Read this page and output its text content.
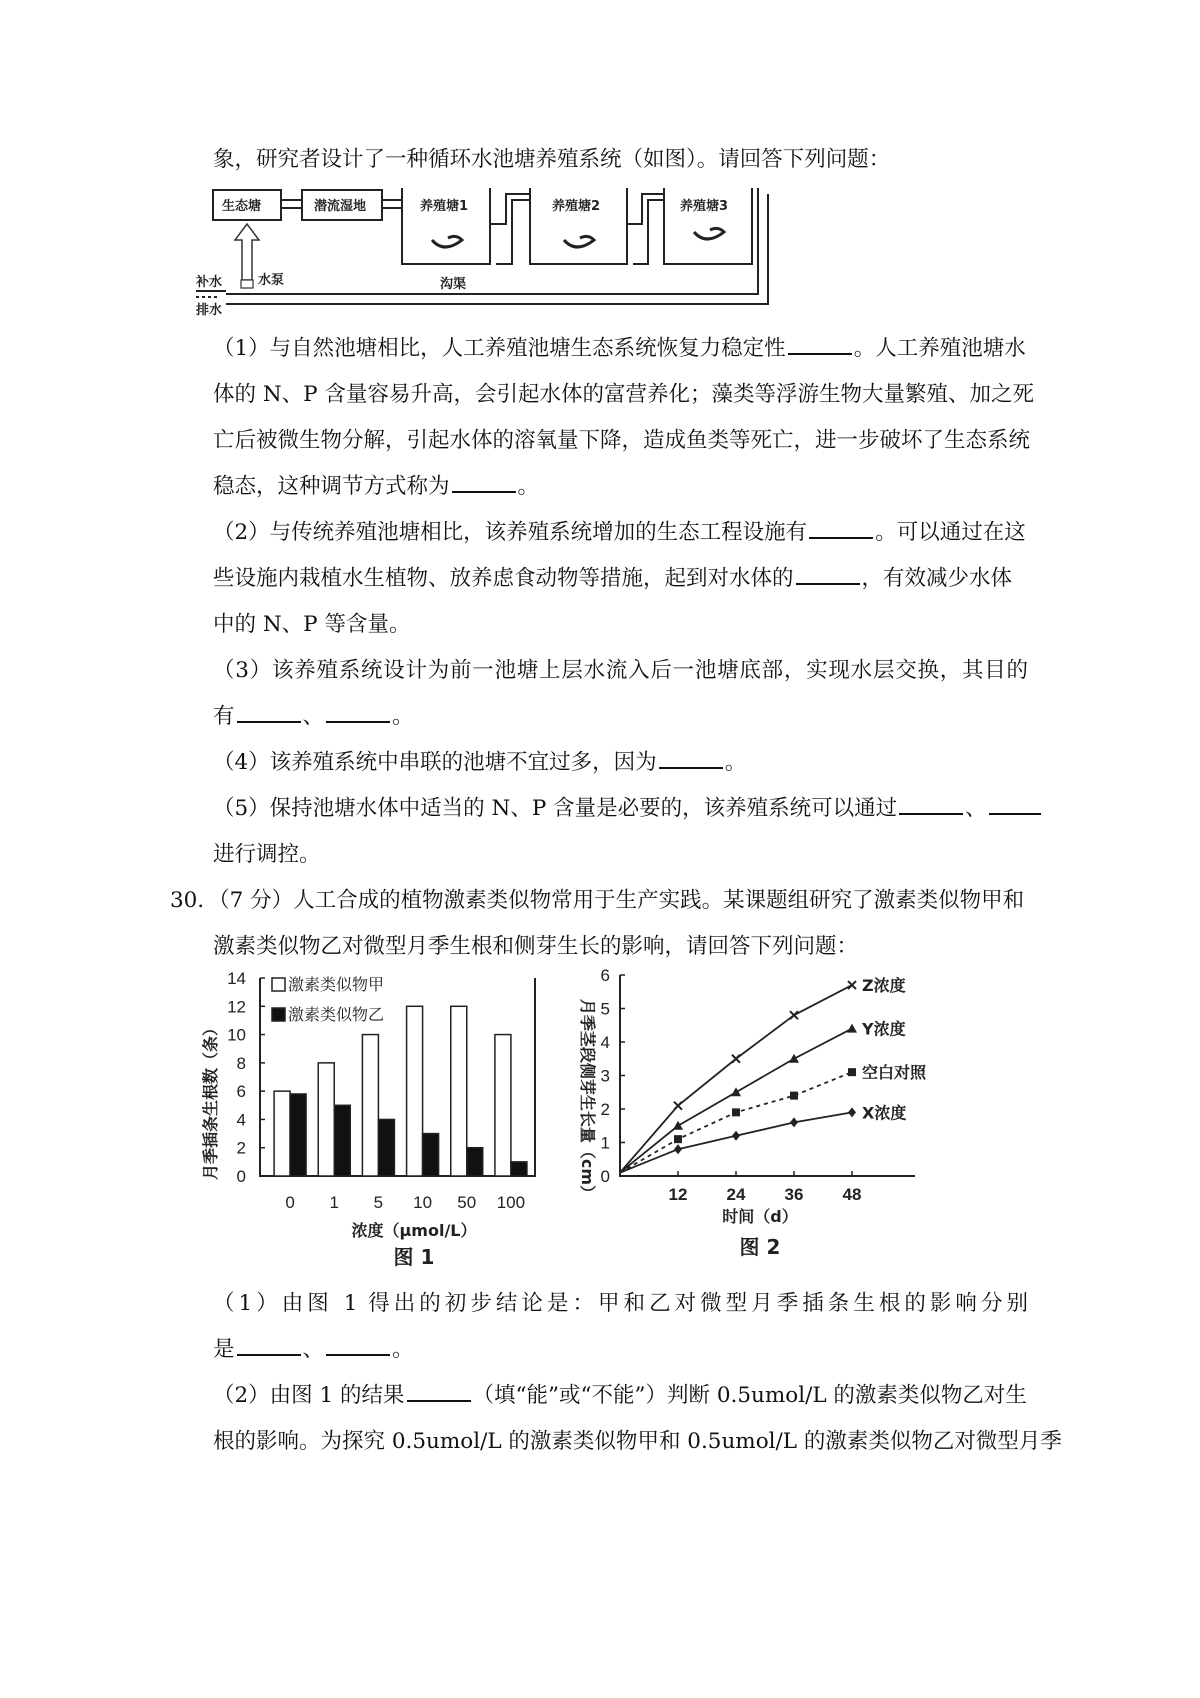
象，研究者设计了一种循环水池塘养殖系统（如图）。请回答下列问题：
生态塘	潜流湿地	养殖塘1	养殖塘2	养殖塘3
水泵	沟渠
补水
排水
（1）与自然池塘相比，人工养殖池塘生态系统恢复力稳定性	。人工养殖池塘水
体的 N、P 含量容易升高，会引起水体的富营养化；藻类等浮游生物大量繁殖、加之死
亡后被微生物分解，引起水体的溶氧量下降，造成鱼类等死亡，进一步破坏了生态系统
稳态，这种调节方式称为	。
（2）与传统养殖池塘相比，该养殖系统增加的生态工程设施有	。可以通过在这
些设施内栽植水生植物、放养虑食动物等措施，起到对水体的	，有效减少水体
中的 N、P 等含量。
（3）该养殖系统设计为前一池塘上层水流入后一池塘底部，实现水层交换，其目的
有	、	。
（4）该养殖系统中串联的池塘不宜过多，因为	。
（5）保持池塘水体中适当的 N、P 含量是必要的，该养殖系统可以通过	、
进行调控。
30．（7 分）人工合成的植物激素类似物常用于生产实践。某课题组研究了激素类似物甲和
激素类似物乙对微型月季生根和侧芽生长的影响，请回答下列问题：
0
2
4
6
8
10
12
14
0 1 5 10 50 100
激素类似物甲
激素类似物乙
月季插条生根数（条）
浓度（μmol/L）
图 1
Z浓度
Y浓度
空白对照
X浓度
0
1
2
3
4
5
6
12 24 36 48
月季茎段侧芽生长量（cm）
时间（d）
图 2
（1）由图 1 得出的初步结论是：甲和乙对微型月季插条生根的影响分别
是	、	。
（2）由图 1 的结果	（填“能”或“不能”）判断 0.5umol/L 的激素类似物乙对生
根的影响。为探究 0.5umol/L 的激素类似物甲和 0.5umol/L 的激素类似物乙对微型月季
